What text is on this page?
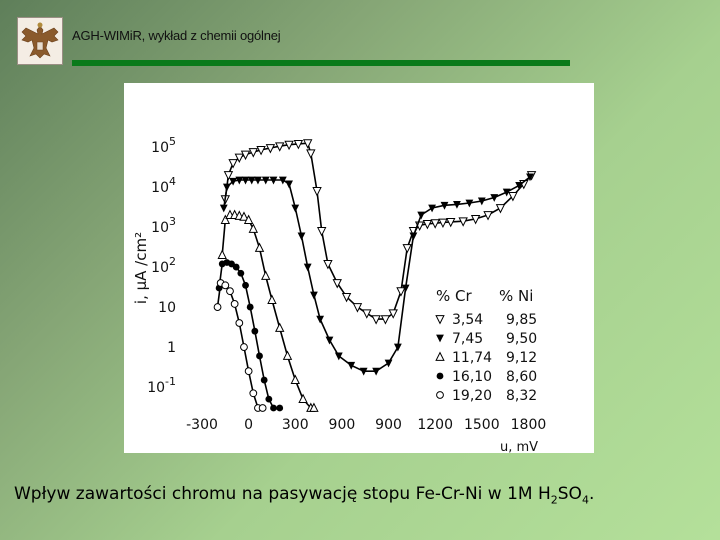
AGH-WIMiR, wykład z chemii ogólnej
i, μA /cm²
$10^5$
$10^4$
$10^3$
$10^2$
10
1
$10^{-1}$
-300 0 300 900 900 1200 1500 1800
u, mV
% Cr % Ni
3,54 9,85
7,45 9,50
11,74 9,12
16,10 8,60
19,20 8,32
Wpływ zawartości chromu na pasywację stopu Fe-Cr-Ni w 1M $H_2SO_4$.
